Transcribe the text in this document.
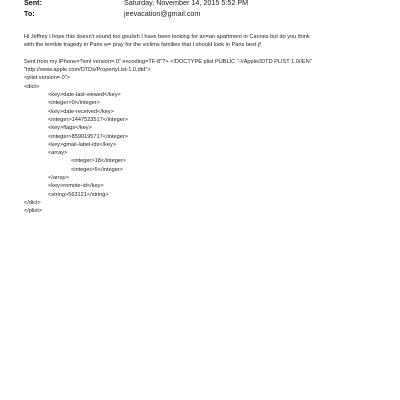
Sent:	Saturday, November 14, 2015 5:52 PM
To:	jeevacation@gmail.com

Hi Jeffrey I hope this doesn't sound too goulish I have been looking for an=an apartment in Cannes but do you think

with the terrible tragedy in Paris w= pray for the victims families that I should look in Paris best jf

Sent from my iPhone=?xml version=.0" encoding=TF-8"?> <!DOCTYPE plist PUBLIC "-//Apple//DTD PLIST 1.0//EN"

"http://www.apple.com/DTDs/PropertyList-1.0.dtd">

<plist version=.0">

<dict>

<key>date-last-viewed</key>

<integer>0</integer>

<key>date-received</key>

<integer>1447523517</integer>

<key>flags</key>

<integer>8590195717</integer>

<key>gmail-label-ids</key>

<array>

<integer>18</integer>

<integer>5</integer>

</array>

<key>remote-id</key>

<string>563121</string>

</dict>

</plist>
